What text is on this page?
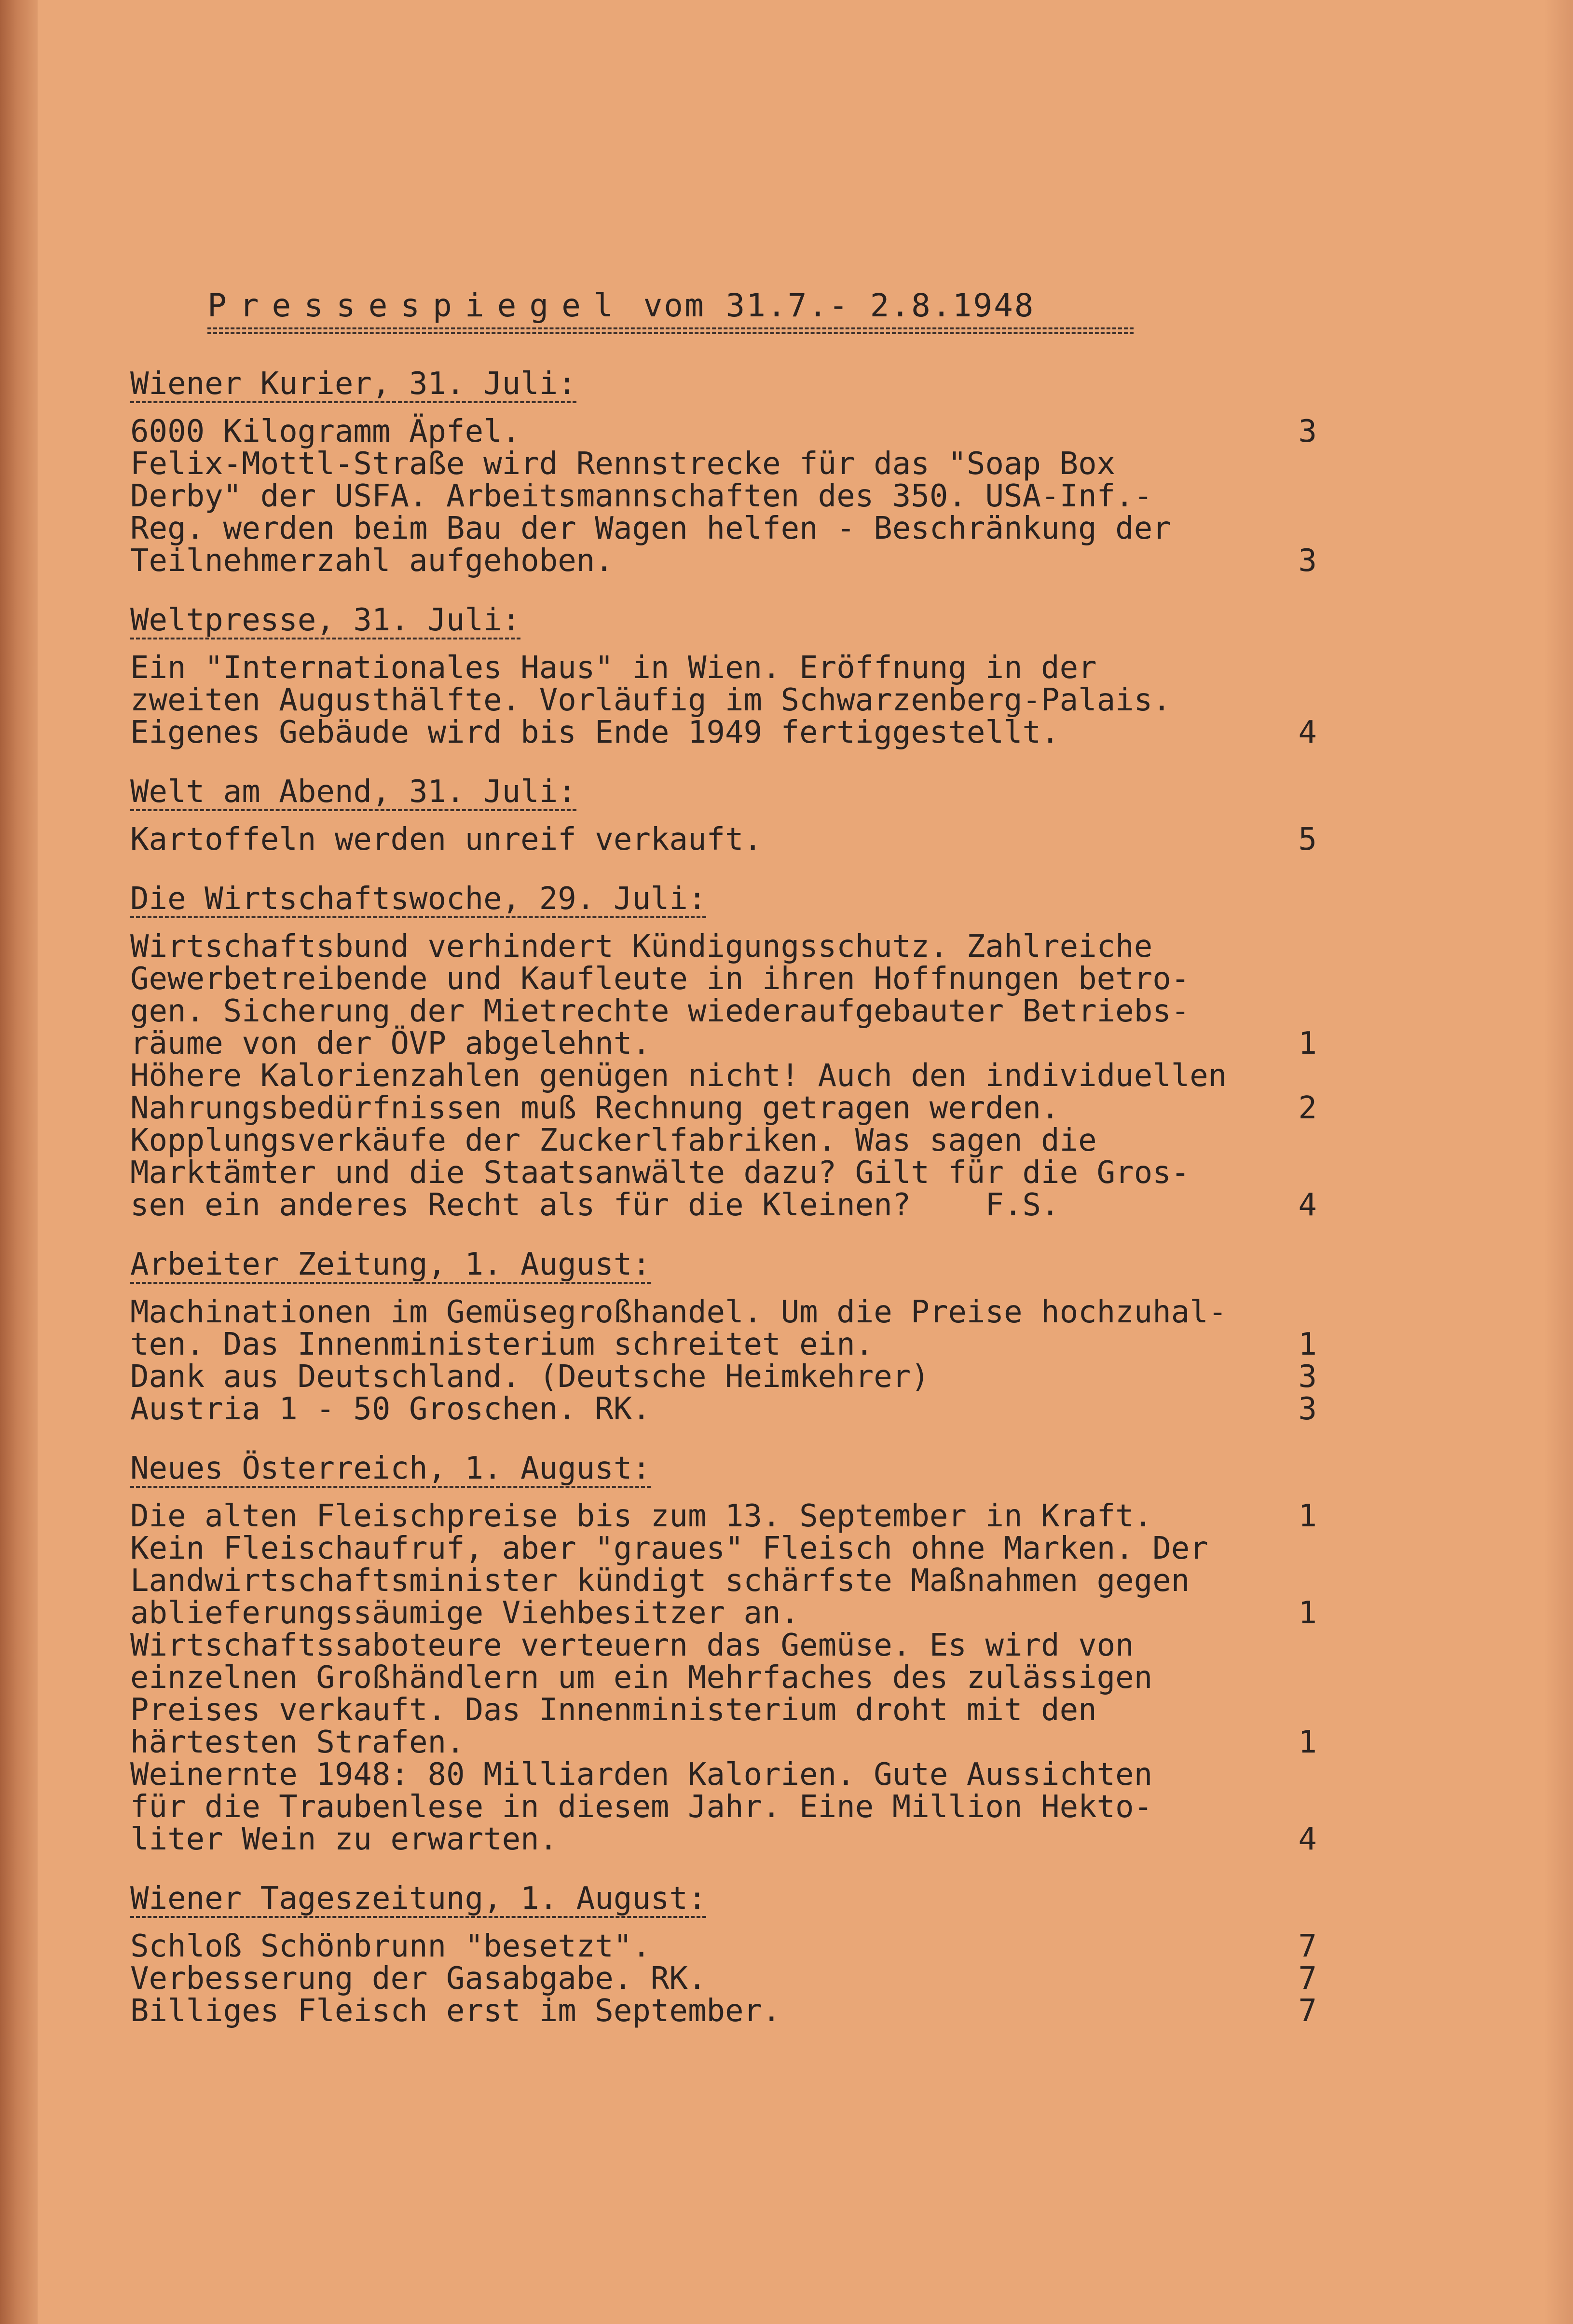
Pressespiegel vom 31.7.- 2.8.1948
Wiener Kurier, 31. Juli:
6000 Kilogramm Äpfel.	3
Felix-Mottl-Straße wird Rennstrecke für das "Soap Box
Derby" der USFA. Arbeitsmannschaften des 350. USA-Inf.-
Reg. werden beim Bau der Wagen helfen - Beschränkung der
Teilnehmerzahl aufgehoben.	3
Weltpresse, 31. Juli:
Ein "Internationales Haus" in Wien. Eröffnung in der
zweiten Augusthälfte. Vorläufig im Schwarzenberg-Palais.
Eigenes Gebäude wird bis Ende 1949 fertiggestellt.	4
Welt am Abend, 31. Juli:
Kartoffeln werden unreif verkauft.	5
Die Wirtschaftswoche, 29. Juli:
Wirtschaftsbund verhindert Kündigungsschutz. Zahlreiche
Gewerbetreibende und Kaufleute in ihren Hoffnungen betro-
gen. Sicherung der Mietrechte wiederaufgebauter Betriebs-
räume von der ÖVP abgelehnt.	1
Höhere Kalorienzahlen genügen nicht! Auch den individuellen
Nahrungsbedürfnissen muß Rechnung getragen werden.	2
Kopplungsverkäufe der Zuckerlfabriken. Was sagen die
Marktämter und die Staatsanwälte dazu? Gilt für die Gros-
sen ein anderes Recht als für die Kleinen?    F.S.	4
Arbeiter Zeitung, 1. August:
Machinationen im Gemüsegroßhandel. Um die Preise hochzuhal-
ten. Das Innenministerium schreitet ein.	1
Dank aus Deutschland. (Deutsche Heimkehrer)	3
Austria 1 - 50 Groschen. RK.	3
Neues Österreich, 1. August:
Die alten Fleischpreise bis zum 13. September in Kraft.	1
Kein Fleischaufruf, aber "graues" Fleisch ohne Marken. Der
Landwirtschaftsminister kündigt schärfste Maßnahmen gegen
ablieferungssäumige Viehbesitzer an.	1
Wirtschaftssaboteure verteuern das Gemüse. Es wird von
einzelnen Großhändlern um ein Mehrfaches des zulässigen
Preises verkauft. Das Innenministerium droht mit den
härtesten Strafen.	1
Weinernte 1948: 80 Milliarden Kalorien. Gute Aussichten
für die Traubenlese in diesem Jahr. Eine Million Hekto-
liter Wein zu erwarten.	4
Wiener Tageszeitung, 1. August:
Schloß Schönbrunn "besetzt".	7
Verbesserung der Gasabgabe. RK.	7
Billiges Fleisch erst im September.	7
